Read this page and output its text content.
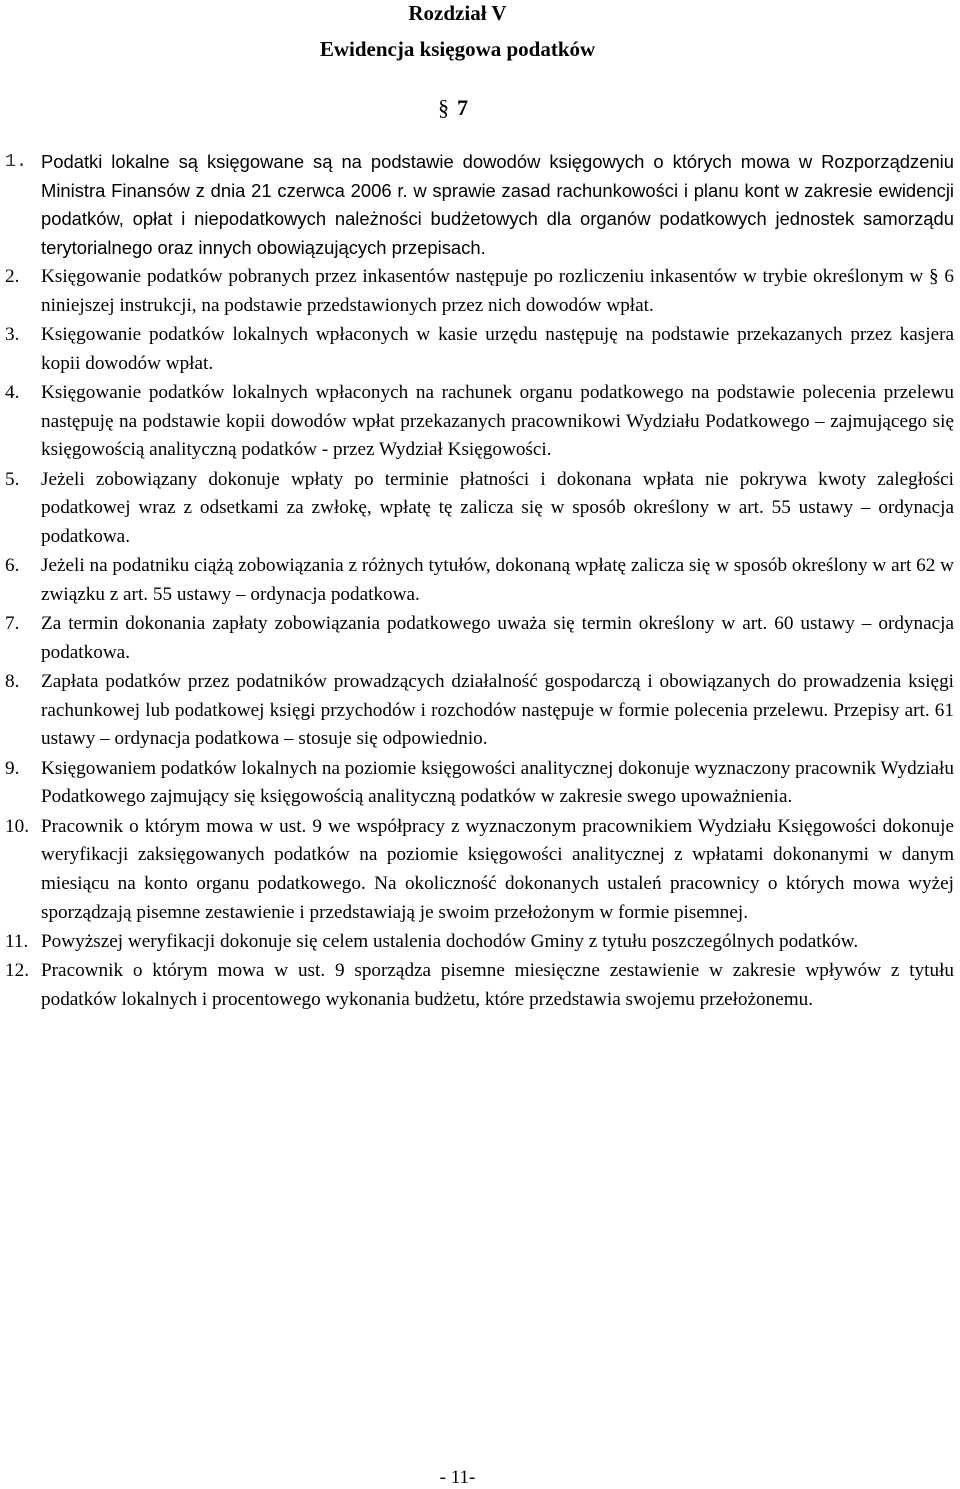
Rozdział V
Ewidencja księgowa podatków
§ 7
1. Podatki lokalne są księgowane są na podstawie dowodów księgowych o których mowa w Rozporządzeniu Ministra Finansów z dnia 21 czerwca 2006 r. w sprawie zasad rachunkowości i planu kont w zakresie ewidencji podatków, opłat i niepodatkowych należności budżetowych dla organów podatkowych jednostek samorządu terytorialnego oraz innych obowiązujących przepisach.
2. Księgowanie podatków pobranych przez inkasentów następuje po rozliczeniu inkasentów w trybie określonym w § 6 niniejszej instrukcji, na podstawie przedstawionych przez nich dowodów wpłat.
3. Księgowanie podatków lokalnych wpłaconych w kasie urzędu następuję na podstawie przekazanych przez kasjera kopii dowodów wpłat.
4. Księgowanie podatków lokalnych wpłaconych na rachunek organu podatkowego na podstawie polecenia przelewu następuję na podstawie kopii dowodów wpłat przekazanych pracownikowi Wydziału Podatkowego – zajmującego się księgowością analityczną podatków - przez Wydział Księgowości.
5. Jeżeli zobowiązany dokonuje wpłaty po terminie płatności i dokonana wpłata nie pokrywa kwoty zaległości podatkowej wraz z odsetkami za zwłokę, wpłatę tę zalicza się w sposób określony w art. 55 ustawy – ordynacja podatkowa.
6. Jeżeli na podatniku ciążą zobowiązania z różnych tytułów, dokonaną wpłatę zalicza się w sposób określony w art 62 w związku z art. 55 ustawy – ordynacja podatkowa.
7. Za termin dokonania zapłaty zobowiązania podatkowego uważa się termin określony w art. 60 ustawy – ordynacja podatkowa.
8. Zapłata podatków przez podatników prowadzących działalność gospodarczą i obowiązanych do prowadzenia księgi rachunkowej lub podatkowej księgi przychodów i rozchodów następuje w formie polecenia przelewu. Przepisy art. 61 ustawy – ordynacja podatkowa – stosuje się odpowiednio.
9. Księgowaniem podatków lokalnych na poziomie księgowości analitycznej dokonuje wyznaczony pracownik Wydziału Podatkowego zajmujący się księgowością analityczną podatków w zakresie swego upoważnienia.
10. Pracownik o którym mowa w ust. 9 we współpracy z wyznaczonym pracownikiem Wydziału Księgowości dokonuje weryfikacji zaksięgowanych podatków na poziomie księgowości analitycznej z wpłatami dokonanymi w danym miesiącu na konto organu podatkowego. Na okoliczność dokonanych ustaleń pracownicy o których mowa wyżej sporządzają pisemne zestawienie i przedstawiają je swoim przełożonym w formie pisemnej.
11. Powyższej weryfikacji dokonuje się celem ustalenia dochodów Gminy z tytułu poszczególnych podatków.
12. Pracownik o którym mowa w ust. 9 sporządza pisemne miesięczne zestawienie w zakresie wpływów z tytułu podatków lokalnych i procentowego wykonania budżetu, które przedstawia swojemu przełożonemu.
- 11-
